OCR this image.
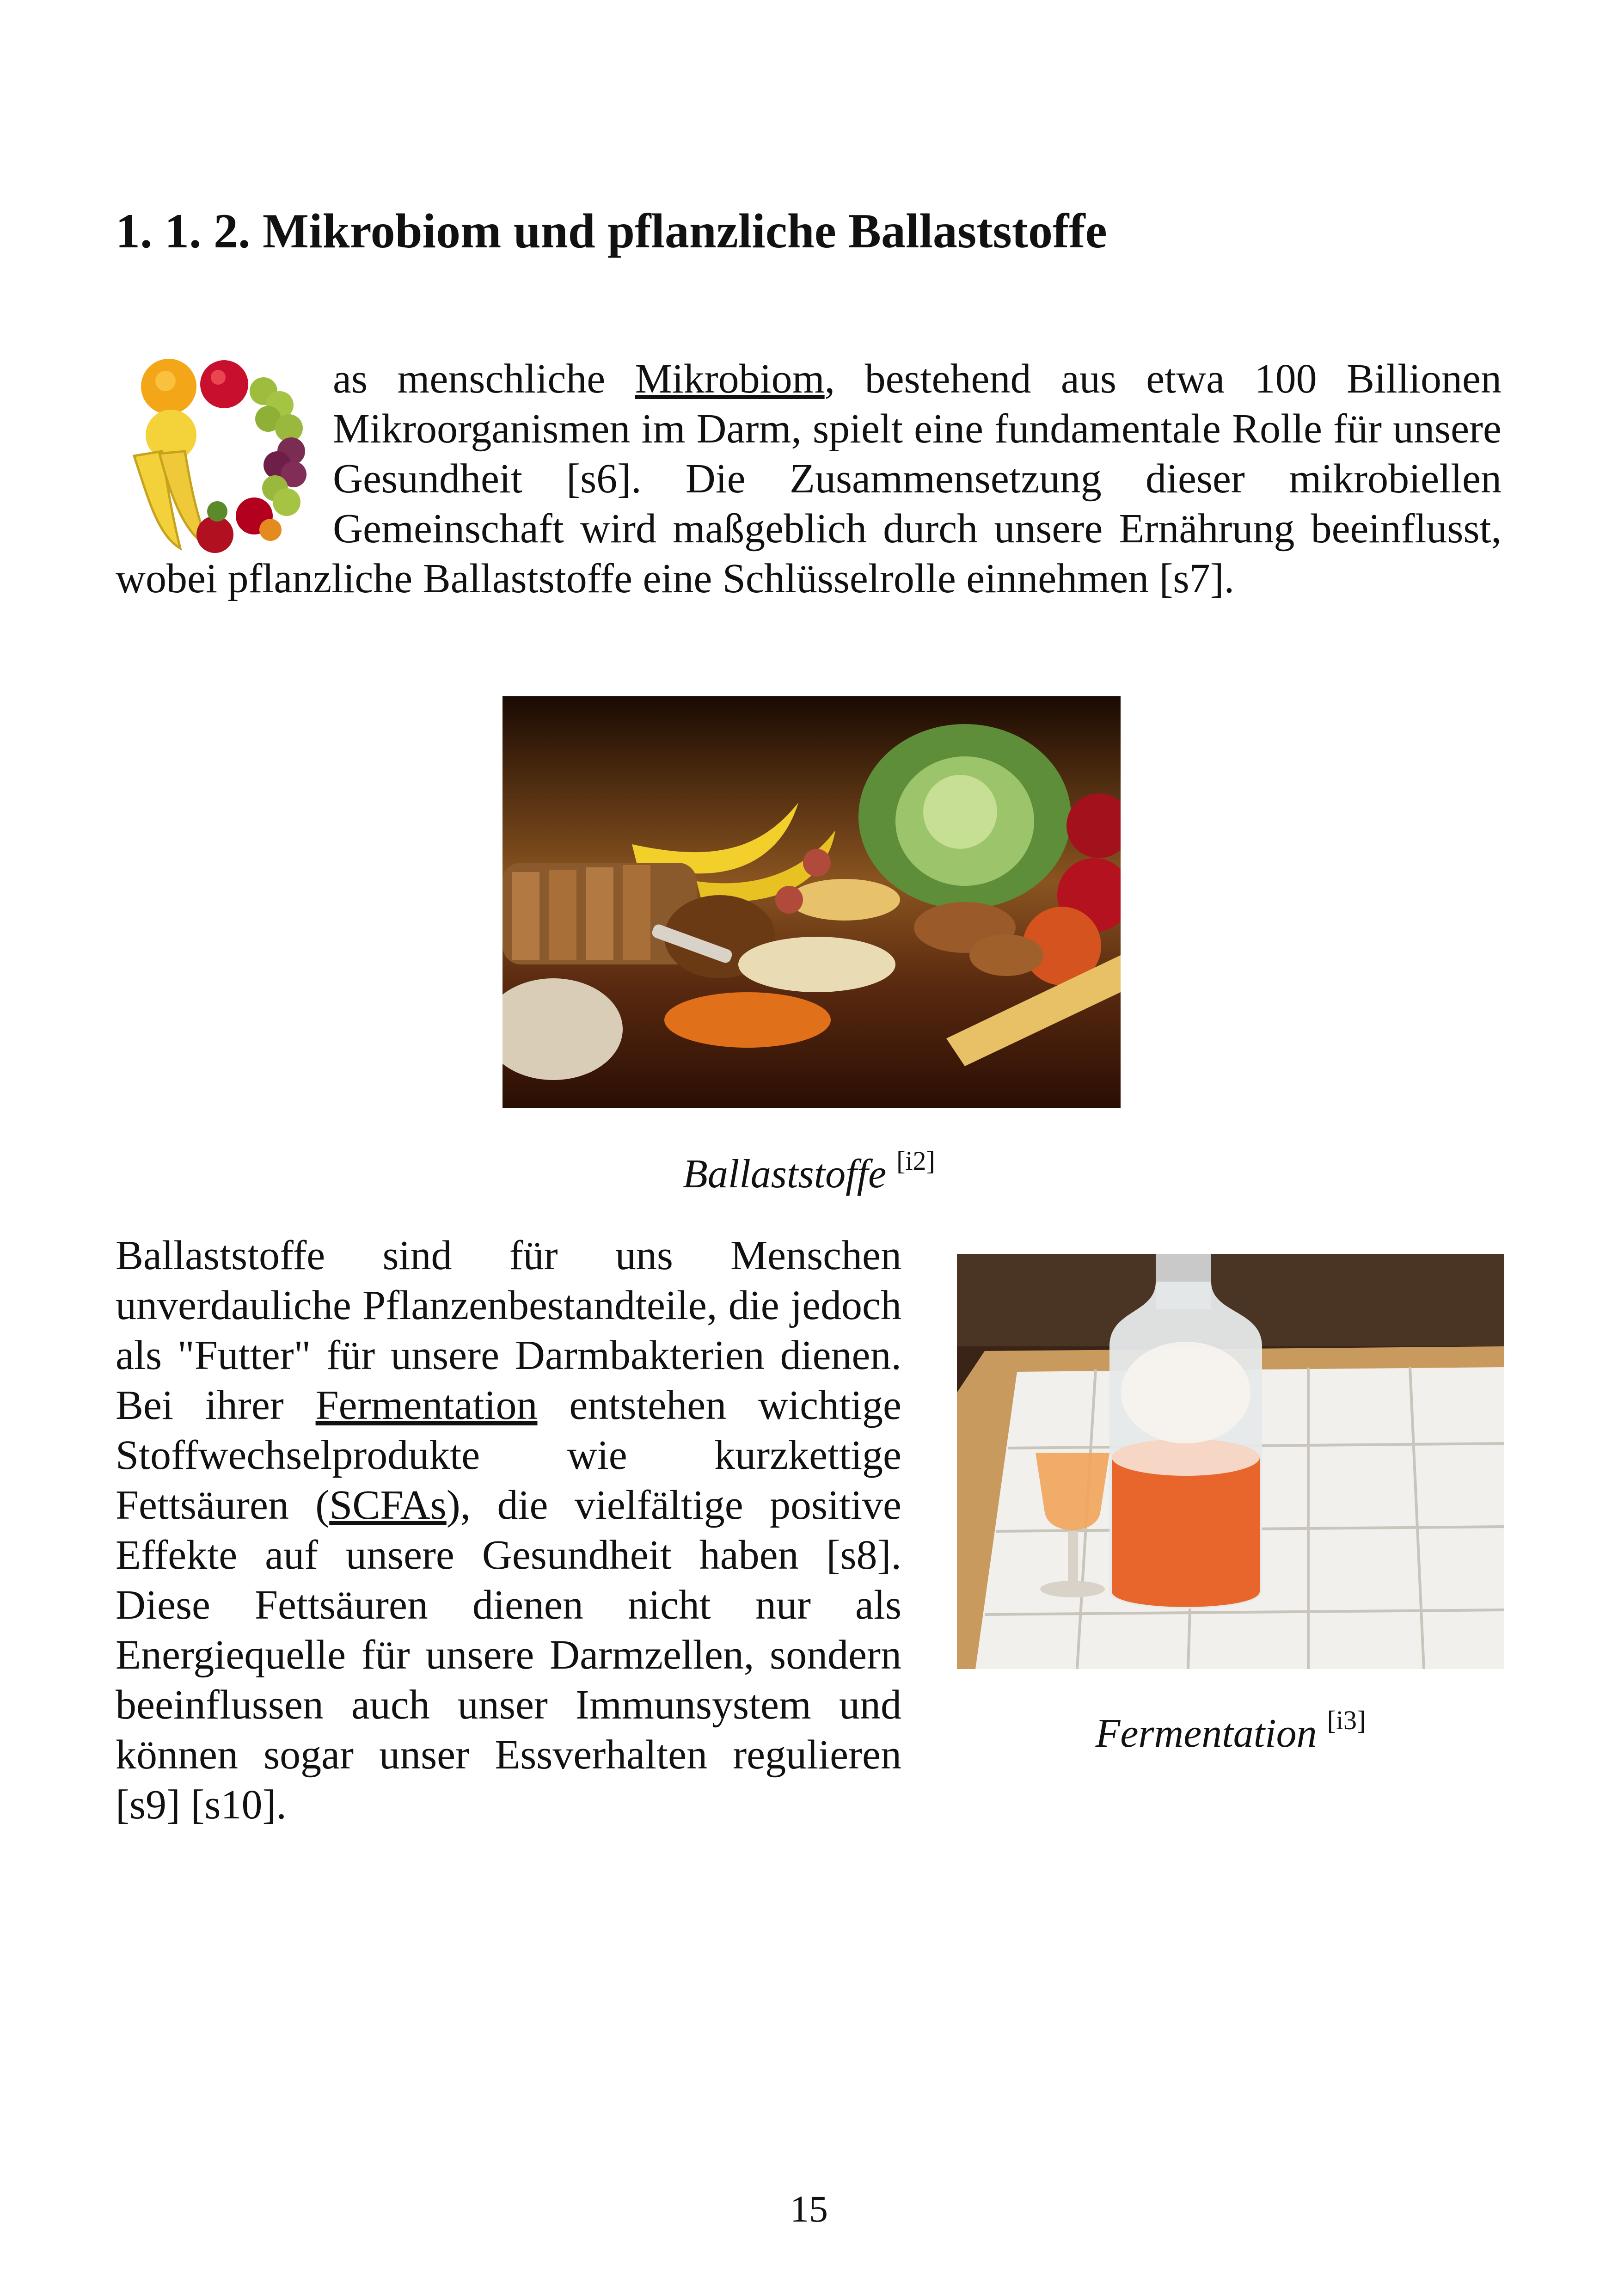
1. 1. 2. Mikrobiom und pflanzliche Ballaststoffe

as menschliche Mikrobiom, bestehend aus etwa 100 Billionen Mikroorganismen im Darm, spielt eine fundamentale Rolle für unsere Gesundheit [s6]. Die Zusammensetzung dieser mikrobiellen Gemeinschaft wird maßgeblich durch unsere Ernährung beeinflusst, wobei pflanzliche Ballaststoffe eine Schlüsselrolle einnehmen [s7].

Ballaststoffe [i2]

Ballaststoffe sind für uns Menschen unverdauliche Pflanzenbestandteile, die jedoch als "Futter" für unsere Darmbakterien dienen. Bei ihrer Fermentation entstehen wichtige Stoffwechselprodukte wie kurzkettige Fettsäuren (SCFAs), die vielfältige positive Effekte auf unsere Gesundheit haben [s8]. Diese Fettsäuren dienen nicht nur als Energiequelle für unsere Darmzellen, sondern beeinflussen auch unser Immunsystem und können sogar unser Essverhalten regulieren [s9] [s10].

Fermentation [i3]

15
